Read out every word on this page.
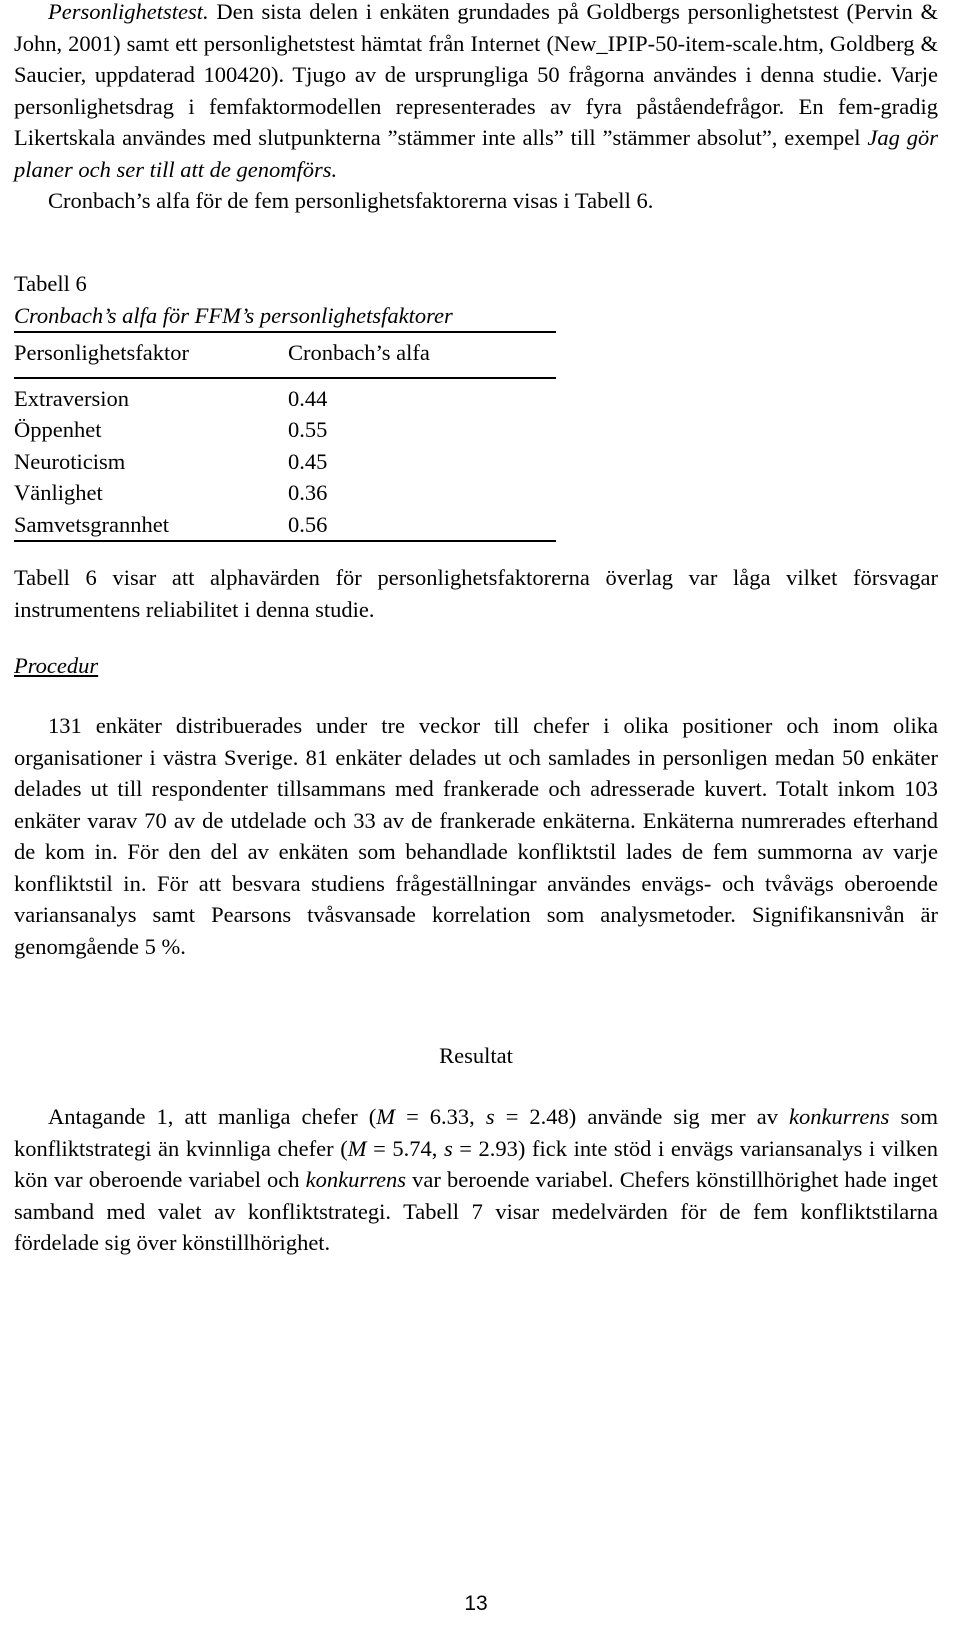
Personlighetstest. Den sista delen i enkäten grundades på Goldbergs personlighetstest (Pervin & John, 2001) samt ett personlighetstest hämtat från Internet (New_IPIP-50-item-scale.htm, Goldberg & Saucier, uppdaterad 100420). Tjugo av de ursprungliga 50 frågorna användes i denna studie. Varje personlighetsdrag i femfaktormodellen representerades av fyra påståendefrågor. En fem-gradig Likertskala användes med slutpunkterna ”stämmer inte alls” till ”stämmer absolut”, exempel Jag gör planer och ser till att de genomförs.

Cronbach’s alfa för de fem personlighetsfaktorerna visas i Tabell 6.

Tabell 6
Cronbach’s alfa för FFM’s personlighetsfaktorer
Personlighetsfaktor	Cronbach’s alfa
Extraversion	0.44
Öppenhet	0.55
Neuroticism	0.45
Vänlighet	0.36
Samvetsgrannhet	0.56

Tabell 6 visar att alphavärden för personlighetsfaktorerna överlag var låga vilket försvagar instrumentens reliabilitet i denna studie.

Procedur

131 enkäter distribuerades under tre veckor till chefer i olika positioner och inom olika organisationer i västra Sverige. 81 enkäter delades ut och samlades in personligen medan 50 enkäter delades ut till respondenter tillsammans med frankerade och adresserade kuvert. Totalt inkom 103 enkäter varav 70 av de utdelade och 33 av de frankerade enkäterna. Enkäterna numrerades efterhand de kom in. För den del av enkäten som behandlade konfliktstil lades de fem summorna av varje konfliktstil in. För att besvara studiens frågeställningar användes envägs- och tvåvägs oberoende variansanalys samt Pearsons tvåsvansade korrelation som analysmetoder. Signifikansnivån är genomgående 5 %.

Resultat

Antagande 1, att manliga chefer (M = 6.33, s = 2.48) använde sig mer av konkurrens som konfliktstrategi än kvinnliga chefer (M = 5.74, s = 2.93) fick inte stöd i envägs variansanalys i vilken kön var oberoende variabel och konkurrens var beroende variabel. Chefers könstillhörighet hade inget samband med valet av konfliktstrategi. Tabell 7 visar medelvärden för de fem konfliktstilarna fördelade sig över könstillhörighet.

13
